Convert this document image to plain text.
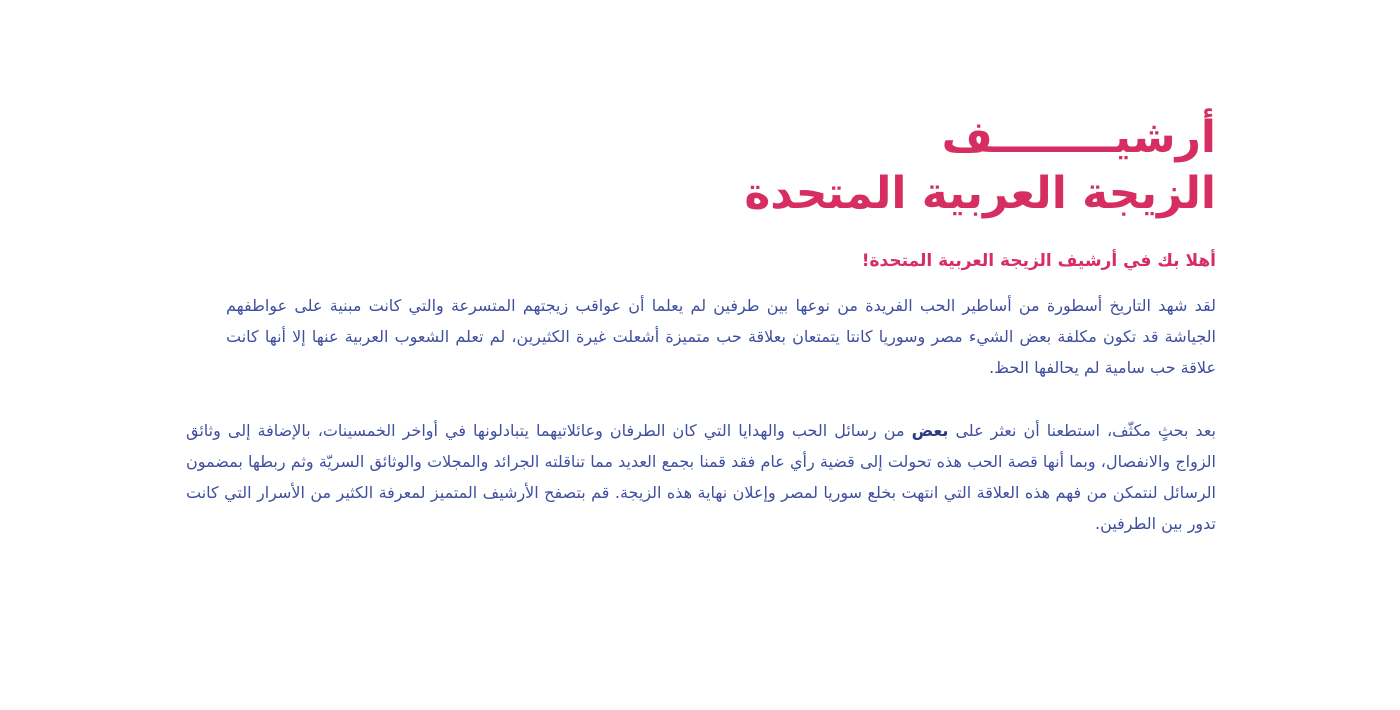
أرشيــــــــف
الزيجة العربية المتحدة

أهلا بك في أرشيف الزيجة العربية المتحدة!

لقد شهد التاريخ أسطورة من أساطير الحب الفريدة من نوعها بين طرفين لم يعلما أن عواقب زيجتهم المتسرعة والتي كانت مبنية على عواطفهم الجياشة قد تكون مكلفة بعض الشيء مصر وسوريا كانتا يتمتعان بعلاقة حب متميزة أشعلت غيرة الكثيرين، لم تعلم الشعوب العربية عنها إلا أنها كانت علاقة حب سامية لم يحالفها الحظ.

بعد بحثٍ مكثّف، استطعنا أن نعثر على بعض من رسائل الحب والهدايا التي كان الطرفان وعائلاتيهما يتبادلونها في أواخر الخمسينات، بالإضافة إلى وثائق الزواج والانفصال، وبما أنها قصة الحب هذه تحولت إلى قضية رأي عام فقد قمنا بجمع العديد مما تناقلته الجرائد والمجلات والوثائق السريّة وثم ربطها بمضمون الرسائل لنتمكن من فهم هذه العلاقة التي انتهت بخلع سوريا لمصر وإعلان نهاية هذه الزيجة. قم بتصفح الأرشيف المتميز لمعرفة الكثير من الأسرار التي كانت تدور بين الطرفين.
